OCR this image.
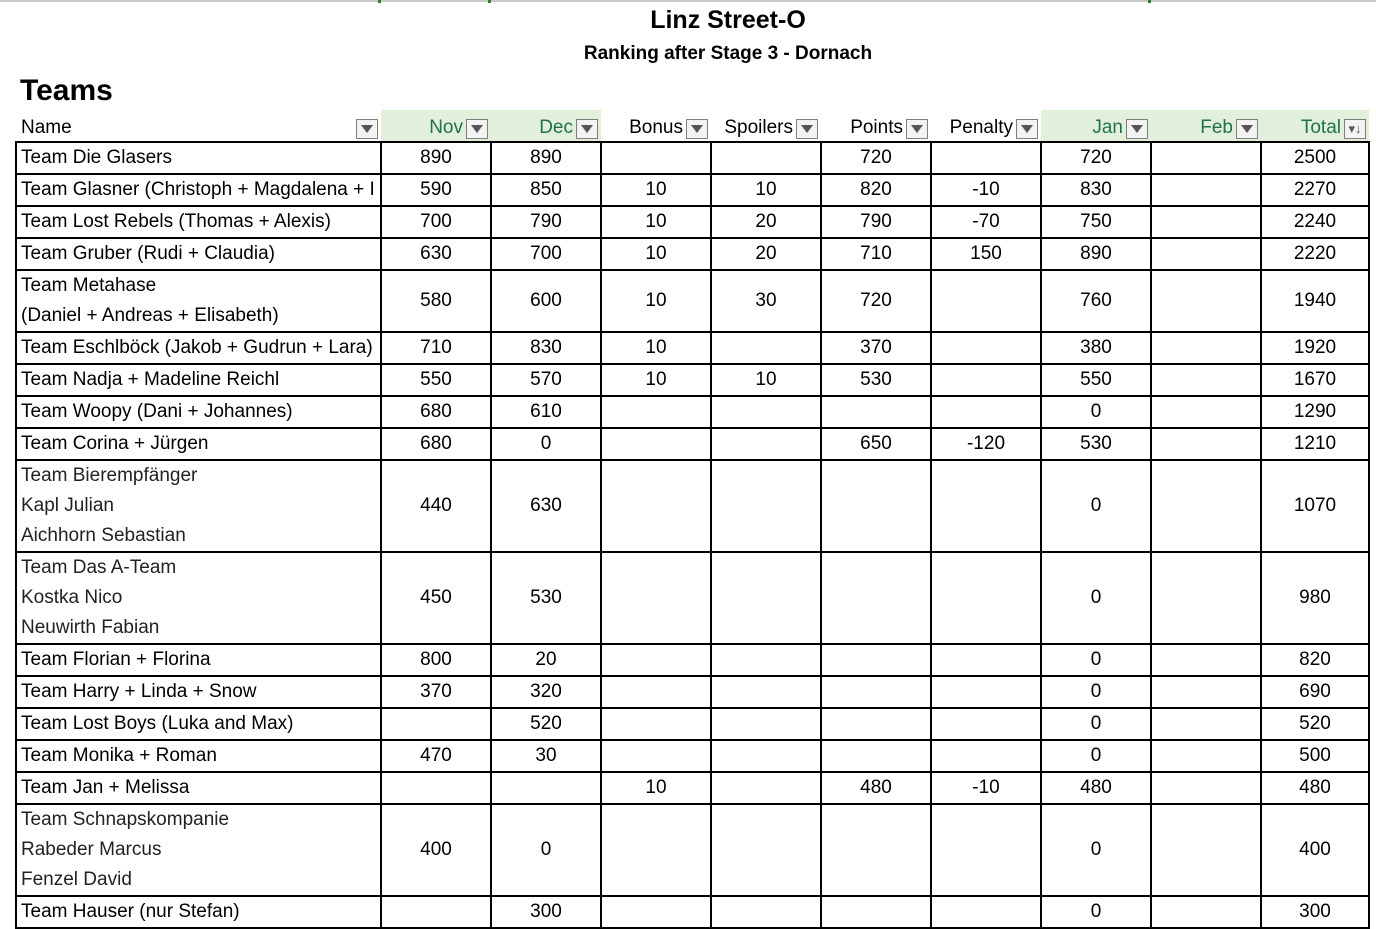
Linz Street-O
Ranking after Stage 3 - Dornach
Teams
Name	Nov	Dec	Bonus	Spoilers	Points	Penalty	Jan	Feb	Total ▾↓

Team Die Glasers	890	890			720		720		2500

Team Glasner (Christoph + Magdalena + I	590	850	10	10	820	-10	830		2270

Team Lost Rebels (Thomas + Alexis)	700	790	10	20	790	-70	750		2240

Team Gruber (Rudi + Claudia)	630	700	10	20	710	150	890		2220

Team Metahase
(Daniel + Andreas + Elisabeth)	580	600	10	30	720		760		1940

Team Eschlböck (Jakob + Gudrun + Lara)	710	830	10		370		380		1920

Team Nadja + Madeline Reichl	550	570	10	10	530		550		1670

Team Woopy (Dani + Johannes)	680	610					0		1290

Team Corina + Jürgen	680	0			650	-120	530		1210

Team Bierempfänger
Kapl Julian
Aichhorn Sebastian	440	630					0		1070

Team Das A-Team
Kostka Nico
Neuwirth Fabian	450	530					0		980

Team Florian + Florina	800	20					0		820

Team Harry + Linda + Snow	370	320					0		690

Team Lost Boys (Luka and Max)		520					0		520

Team Monika + Roman	470	30					0		500

Team Jan + Melissa			10		480	-10	480		480

Team Schnapskompanie
Rabeder Marcus
Fenzel David	400	0					0		400

Team Hauser (nur Stefan)		300					0		300
